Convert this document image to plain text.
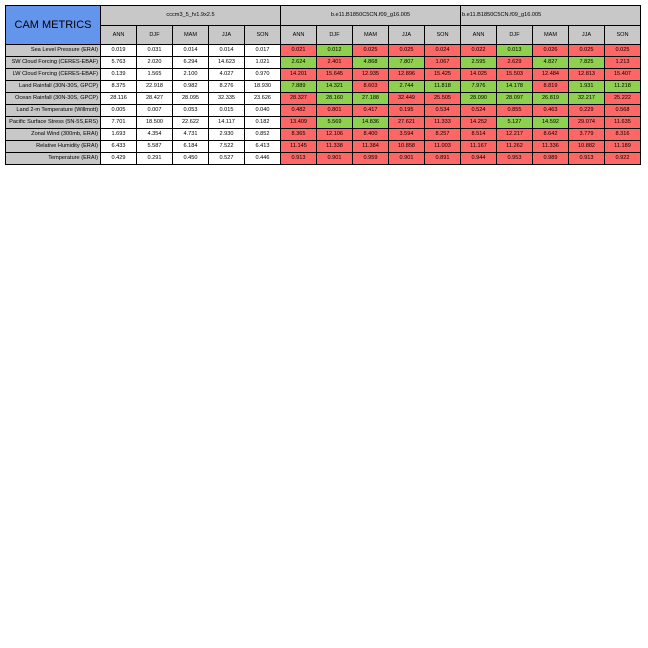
CAM METRICS	cccm3_5_fv1.9x2.5					b.e11.B1850C5CN.f09_g16.005					b.e11.B1850C5CN.f09_g16.005				
	ANN	DJF	MAM	JJA	SON	ANN	DJF	MAM	JJA	SON	ANN	DJF	MAM	JJA	SON
Sea Level Pressure (ERAI)	0.019	0.031	0.014	0.014	0.017	0.021	0.012	0.025	0.025	0.024	0.022	0.013	0.026	0.025	0.025
SW Cloud Forcing (CERES-EBAF)	5.763	2.020	6.294	14.623	1.021	2.624	2.401	4.868	7.807	1.067	2.595	2.629	4.827	7.825	1.213
LW Cloud Forcing (CERES-EBAF)	0.139	1.565	2.100	4.027	0.970	14.201	15.645	12.935	12.896	15.425	14.025	15.503	12.484	12.813	15.407
Land Rainfall (30N-30S, GPCP)	8.375	22.918	0.982	8.276	18.930	7.889	14.321	8.603	2.744	11.818	7.976	14.178	8.819	1.931	11.218
Ocean Rainfall (30N-30S, GPCP)	28.116	28.427	28.095	32.335	23.626	28.327	28.160	27.188	32.449	25.505	28.090	28.097	26.819	32.217	25.222
Land 2-m Temperature (Willmott)	0.005	0.007	0.053	0.015	0.040	0.482	0.801	0.417	0.195	0.534	0.524	0.855	0.463	0.229	0.568
Pacific Surface Stress (5N-5S,ERS)	7.701	18.500	22.622	14.117	0.182	13.409	5.569	14.836	27.621	11.333	14.252	5.127	14.592	29.074	11.635
Zonal Wind (300mb, ERAI)	1.693	4.354	4.731	2.930	0.852	8.365	12.106	8.400	3.594	8.257	8.514	12.217	8.642	3.779	8.316
Relative Humidity (ERAI)	6.433	5.587	6.184	7.522	6.413	11.145	11.338	11.384	10.858	11.003	11.167	11.262	11.336	10.882	11.189
Temperature (ERAI)	0.429	0.291	0.450	0.527	0.446	0.913	0.901	0.959	0.901	0.891	0.944	0.953	0.989	0.913	0.922
